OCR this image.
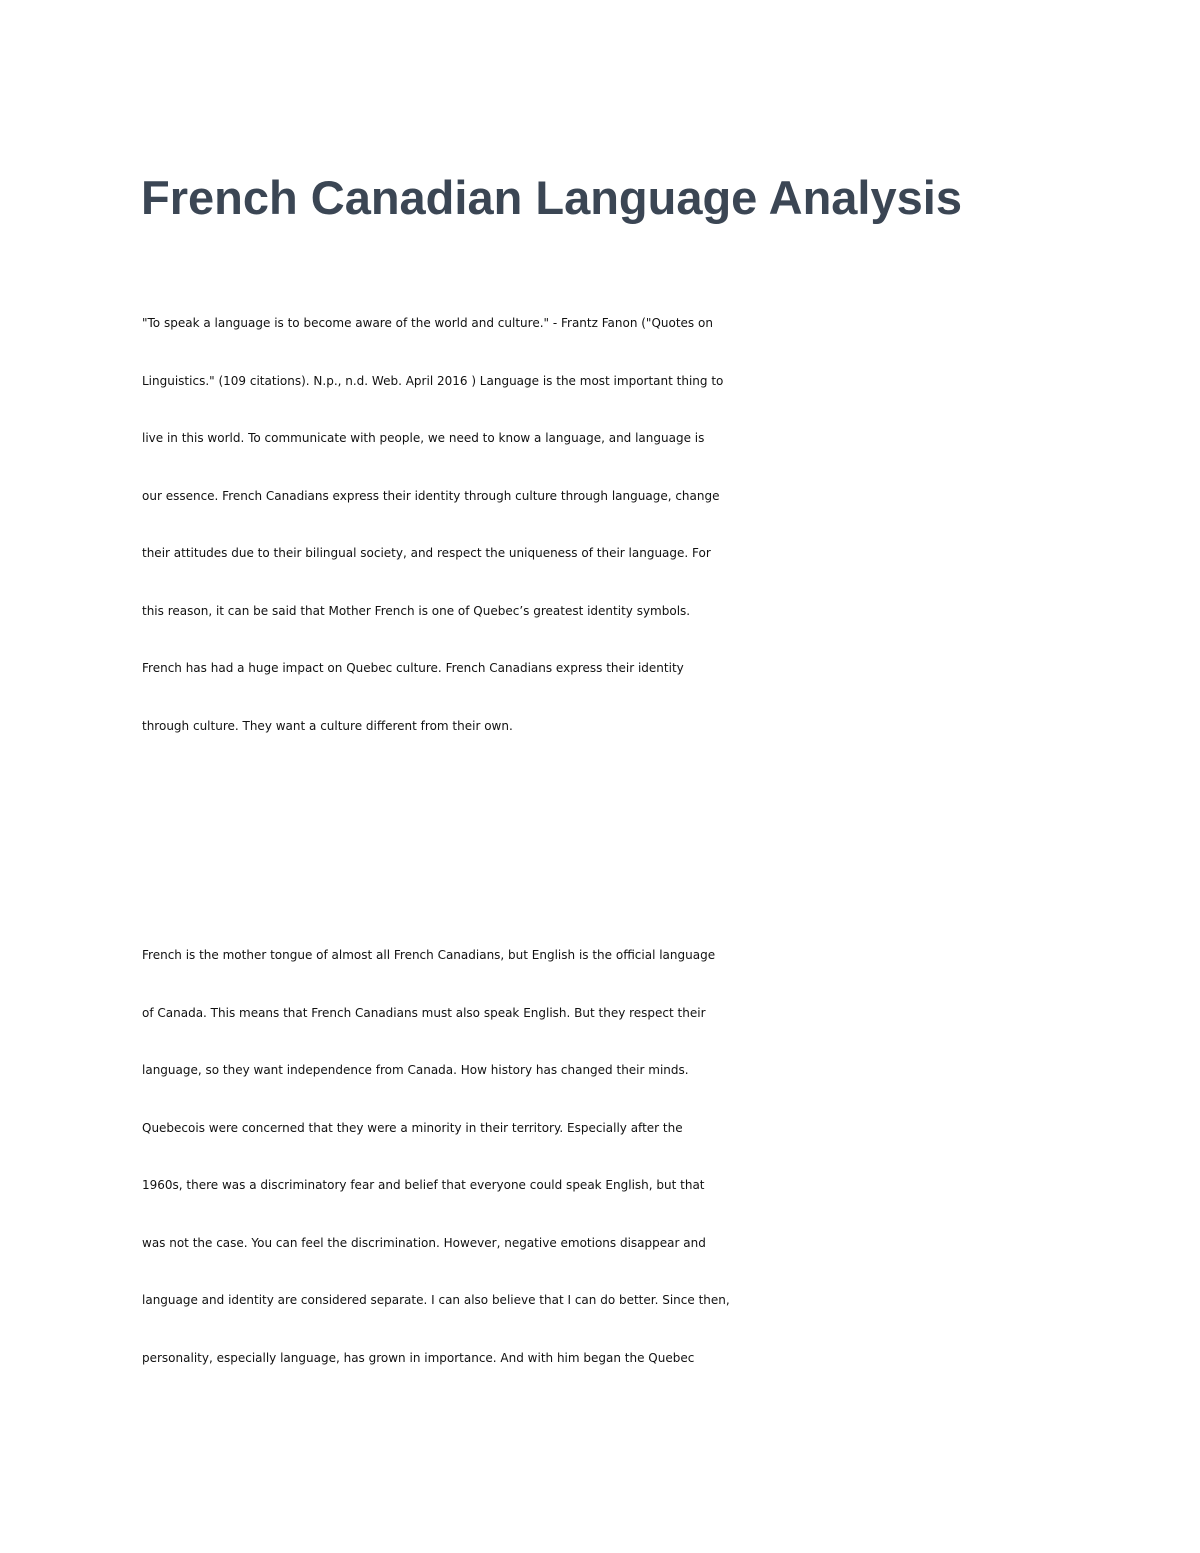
French Canadian Language Analysis

"To speak a language is to become aware of the world and culture." - Frantz Fanon ("Quotes on
Linguistics." (109 citations). N.p., n.d. Web. April 2016 ) Language is the most important thing to
live in this world. To communicate with people, we need to know a language, and language is
our essence. French Canadians express their identity through culture through language, change
their attitudes due to their bilingual society, and respect the uniqueness of their language. For
this reason, it can be said that Mother French is one of Quebec’s greatest identity symbols.
French has had a huge impact on Quebec culture. French Canadians express their identity
through culture. They want a culture different from their own.

French is the mother tongue of almost all French Canadians, but English is the official language
of Canada. This means that French Canadians must also speak English. But they respect their
language, so they want independence from Canada. How history has changed their minds.
Quebecois were concerned that they were a minority in their territory. Especially after the
1960s, there was a discriminatory fear and belief that everyone could speak English, but that
was not the case. You can feel the discrimination. However, negative emotions disappear and
language and identity are considered separate. I can also believe that I can do better. Since then,
personality, especially language, has grown in importance. And with him began the Quebec
